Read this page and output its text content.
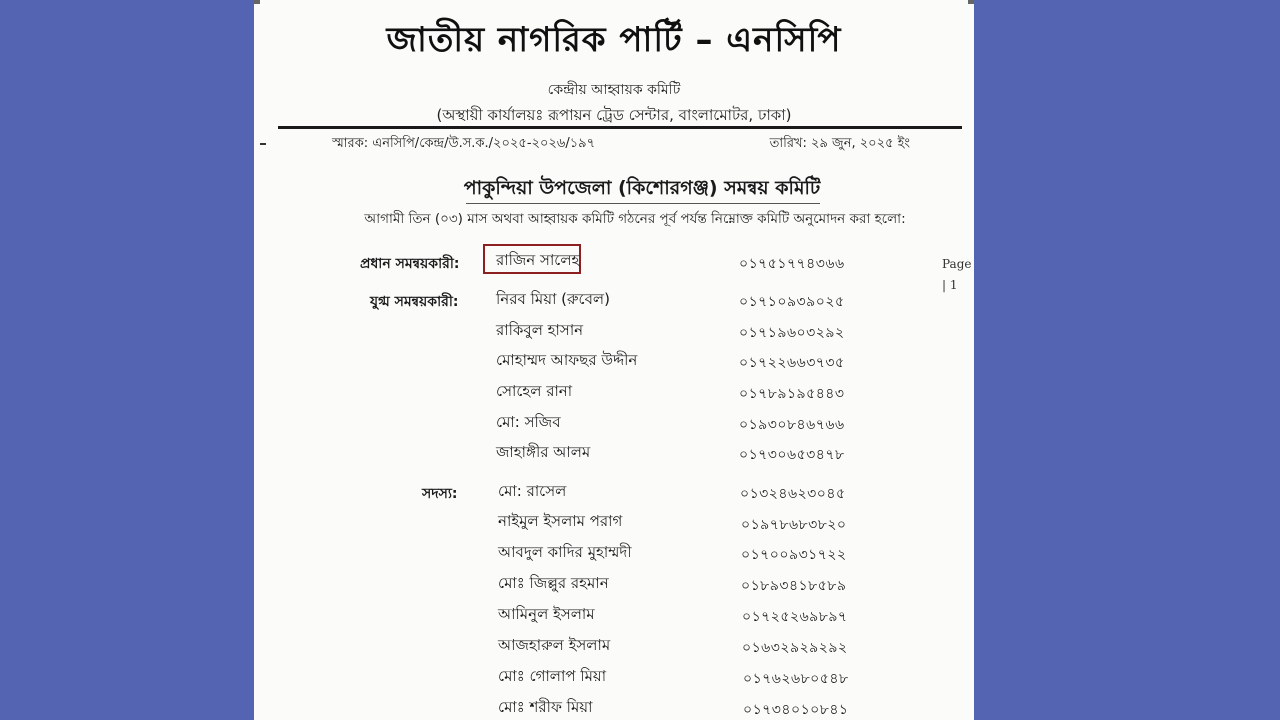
জাতীয় নাগরিক পার্টি – এনসিপি
কেন্দ্রীয় আহ্বায়ক কমিটি
(অস্থায়ী কার্যালয়ঃ রূপায়ন ট্রেড সেন্টার, বাংলামোটর, ঢাকা)
স্মারক: এনসিপি/কেন্দ্র/উ.স.ক./২০২৫-২০২৬/১৯৭	তারিখ: ২৯ জুন, ২০২৫ ইং
পাকুন্দিয়া উপজেলা (কিশোরগঞ্জ) সমন্বয় কমিটি
আগামী তিন (০৩) মাস অথবা আহ্বায়ক কমিটি গঠনের পূর্ব পর্যন্ত নিম্নোক্ত কমিটি অনুমোদন করা হলো:
প্রধান সমন্বয়কারী: রাজিন সালেহ	০১৭৫১৭৭৪৩৬৬	Page
| 1
যুগ্ম সমন্বয়কারী:	নিরব মিয়া (রুবেল)	০১৭১০৯৩৯০২৫
রাকিবুল হাসান	০১৭১৯৬০৩২৯২
মোহাম্মদ আফছর উদ্দীন	০১৭২২৬৬৩৭৩৫
সোহেল রানা	০১৭৮৯১৯৫৪৪৩
মো: সজিব	০১৯৩০৮৪৬৭৬৬
জাহাঙ্গীর আলম	০১৭৩০৬৫৩৪৭৮
সদস্য:	মো: রাসেল	০১৩২৪৬২৩০৪৫
নাইমুল ইসলাম পরাগ	০১৯৭৮৬৮৩৮২০
আবদুল কাদির মুহাম্মদী	০১৭০০৯৩১৭২২
মোঃ জিল্লুর রহমান	০১৮৯৩৪১৮৫৮৯
আমিনুল ইসলাম	০১৭২৫২৬৯৮৯৭
আজহারুল ইসলাম	০১৬৩২৯২৯২৯২
মোঃ গোলাপ মিয়া	০১৭৬২৬৮০৫৪৮
মোঃ শরীফ মিয়া	০১৭৩৪০১০৮৪১
